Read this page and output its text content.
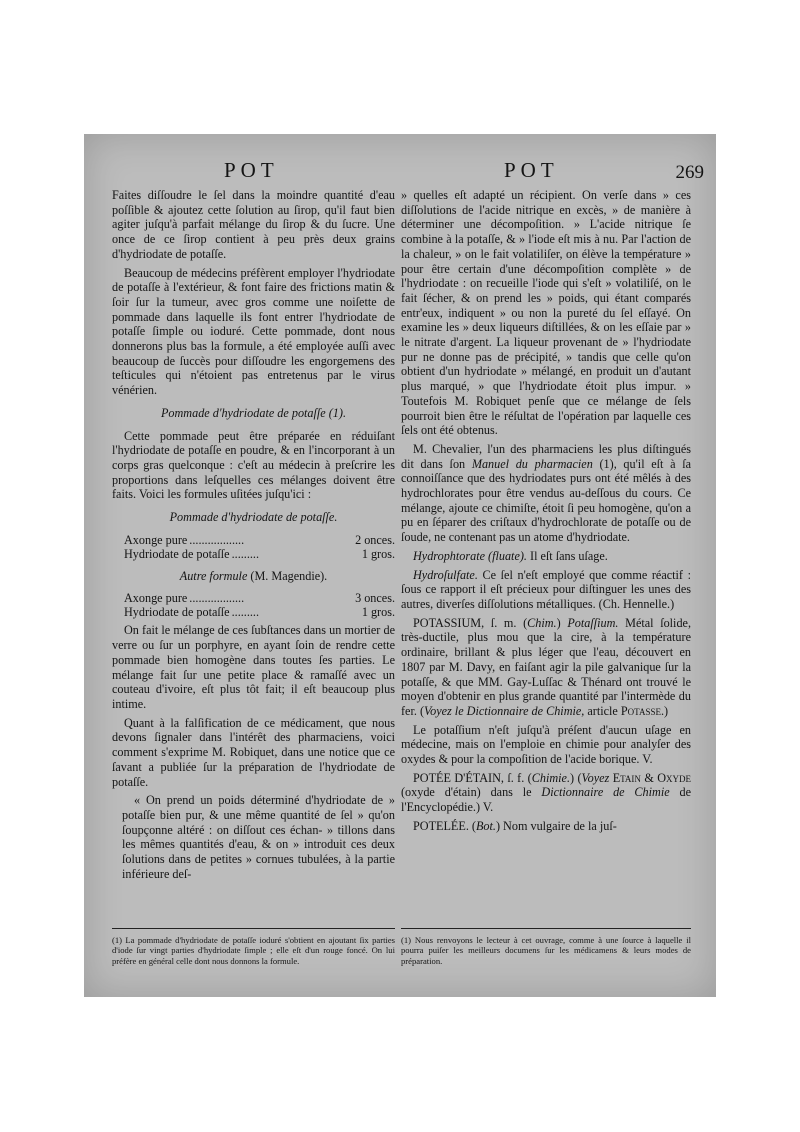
POT	POT	269

Faites diſſoudre le ſel dans la moindre quantité d'eau poſſible & ajoutez cette ſolution au ſirop, qu'il faut bien agiter juſqu'à parfait mélange du ſirop & du ſucre. Une once de ce ſirop contient à peu près deux grains d'hydriodate de potaſſe.

Beaucoup de médecins préfèrent employer l'hydriodate de potaſſe à l'extérieur, & font faire des frictions matin & ſoir ſur la tumeur, avec gros comme une noiſette de pommade dans laquelle ils font entrer l'hydriodate de potaſſe ſimple ou ioduré. Cette pommade, dont nous donnerons plus bas la formule, a été employée auſſi avec beaucoup de ſuccès pour diſſoudre les engorgemens des teſticules qui n'étoient pas entretenus par le virus vénérien.

Pommade d'hydriodate de potaſſe (1).

Cette pommade peut être préparée en réduiſant l'hydriodate de potaſſe en poudre, & en l'incorporant à un corps gras quelconque : c'eſt au médecin à preſcrire les proportions dans leſquelles ces mélanges doivent être faits. Voici les formules uſitées juſqu'ici :

Pommade d'hydriodate de potaſſe.
Axonge pure ..................	2 onces.
Hydriodate de potaſſe .........	1 gros.
Autre formule (M. Magendie).
Axonge pure ..................	3 onces.
Hydriodate de potaſſe .........	1 gros.

On fait le mélange de ces ſubſtances dans un mortier de verre ou ſur un porphyre, en ayant ſoin de rendre cette pommade bien homogène dans toutes ſes parties. Le mélange fait ſur une petite place & ramaſſé avec un couteau d'ivoire, eſt plus tôt fait; il eſt beaucoup plus intime.

Quant à la falſification de ce médicament, que nous devons ſignaler dans l'intérêt des pharmaciens, voici comment s'exprime M. Robiquet, dans une notice que ce ſavant a publiée ſur la préparation de l'hydriodate de potaſſe.

« On prend un poids déterminé d'hydriodate de » potaſſe bien pur, & une même quantité de ſel » qu'on ſoupçonne altéré : on diſſout ces échan- » tillons dans les mêmes quantités d'eau, & on » introduit ces deux ſolutions dans de petites » cornues tubulées, à la partie inférieure deſ-

» quelles eſt adapté un récipient. On verſe dans » ces diſſolutions de l'acide nitrique en excès, » de manière à déterminer une décompoſition. » L'acide nitrique ſe combine à la potaſſe, & » l'iode eſt mis à nu. Par l'action de la chaleur, » on le fait volatiliſer, on élève la température » pour être certain d'une décompoſition complète » de l'hydriodate : on recueille l'iode qui s'eſt » volatiliſé, on le fait ſécher, & on prend les » poids, qui étant comparés entr'eux, indiquent » ou non la pureté du ſel eſſayé. On examine les » deux liqueurs diſtillées, & on les eſſaie par » le nitrate d'argent. La liqueur provenant de » l'hydriodate pur ne donne pas de précipité, » tandis que celle qu'on obtient d'un hydriodate » mélangé, en produit un d'autant plus marqué, » que l'hydriodate étoit plus impur. » Toutefois M. Robiquet penſe que ce mélange de ſels pourroit bien être le réſultat de l'opération par laquelle ces ſels ont été obtenus.

M. Chevalier, l'un des pharmaciens les plus diſtingués dit dans ſon Manuel du pharmacien (1), qu'il eſt à ſa connoiſſance que des hydriodates purs ont été mêlés à des hydrochlorates pour être vendus au-deſſous du cours. Ce mélange, ajoute ce chimiſte, étoit ſi peu homogène, qu'on a pu en ſéparer des criſtaux d'hydrochlorate de potaſſe ou de ſoude, ne contenant pas un atome d'hydriodate.

Hydrophtorate (fluate). Il eſt ſans uſage.

Hydroſulfate. Ce ſel n'eſt employé que comme réactif : ſous ce rapport il eſt précieux pour diſtinguer les unes des autres, diverſes diſſolutions métalliques. (Ch. Hennelle.)

POTASSIUM, ſ. m. (Chim.) Potaſſium. Métal ſolide, très-ductile, plus mou que la cire, à la température ordinaire, brillant & plus léger que l'eau, découvert en 1807 par M. Davy, en faiſant agir la pile galvanique ſur la potaſſe, & que MM. Gay-Luſſac & Thénard ont trouvé le moyen d'obtenir en plus grande quantité par l'intermède du fer. (Voyez le Dictionnaire de Chimie, article Potasse.)

Le potaſſium n'eſt juſqu'à préſent d'aucun uſage en médecine, mais on l'emploie en chimie pour analyſer des oxydes & pour la compoſition de l'acide borique. V.

POTÉE D'ÉTAIN, ſ. f. (Chimie.) (Voyez Etain & Oxyde (oxyde d'étain) dans le Dictionnaire de Chimie de l'Encyclopédie.) V.

POTELÉE. (Bot.) Nom vulgaire de la juſ-

(1) La pommade d'hydriodate de potaſſe ioduré s'obtient en ajoutant ſix parties d'iode ſur vingt parties d'hydriodate ſimple ; elle eſt d'un rouge foncé. On lui préfère en général celle dont nous donnons la formule.
(1) Nous renvoyons le lecteur à cet ouvrage, comme à une ſource à laquelle il pourra puiſer les meilleurs documens ſur les médicamens & leurs modes de préparation.
